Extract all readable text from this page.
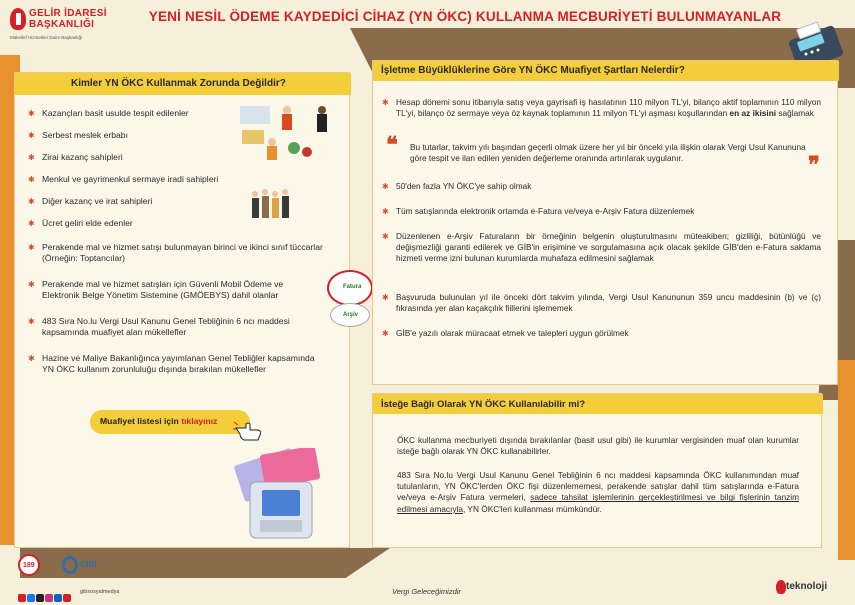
GELİR İDARESİ
BAŞKANLIĞI
Mükellef Hizmetleri Daire Başkanlığı
YENİ NESİL ÖDEME KAYDEDİCİ CİHAZ (YN ÖKC) KULLANMA MECBURİYETİ BULUNMAYANLAR
Kimler YN ÖKC Kullanmak Zorunda Değildir?
✱ Kazançları basit usulde tespit edilenler
✱ Serbest meslek erbabı
✱ Zirai kazanç sahipleri
✱ Menkul ve gayrimenkul sermaye iradi sahipleri
✱ Diğer kazanç ve irat sahipleri
✱ Ücret geliri elde edenler
✱ Perakende mal ve hizmet satışı bulunmayan birinci ve ikinci sınıf tüccarlar (Örneğin: Toptancılar)
✱ Perakende mal ve hizmet satışları için Güvenli Mobil Ödeme ve Elektronik Belge Yönetim Sistemine (GMÖEBYS) dahil olanlar
✱ 483 Sıra No.lu Vergi Usul Kanunu Genel Tebliğinin 6 ncı maddesi kapsamında muafiyet alan mükellefler
✱ Hazine ve Maliye Bakanlığınca yayımlanan Genel Tebliğler kapsamında YN ÖKC kullanım zorunluluğu dışında bırakılan mükellefler
Fatura
Arşiv
Muafiyet listesi için tıklayınız
İşletme Büyüklüklerine Göre YN ÖKC Muafiyet Şartları Nelerdir?
✱ Hesap dönemi sonu itibarıyla satış veya gayrisafi iş hasılatının 110 milyon TL'yi, bilanço aktif toplamının 110 milyon TL'yi, bilanço öz sermaye veya öz kaynak toplamının 11 milyon TL'yi aşması koşullarından en az ikisini sağlamak
❝ Bu tutarlar, takvim yılı başından geçerli olmak üzere her yıl bir önceki yıla ilişkin olarak Vergi Usul Kanununa göre tespit ve ilan edilen yeniden değerleme oranında artırılarak uygulanır.	❞
✱ 50'den fazla YN ÖKC'ye sahip olmak
✱ Tüm satışlarında elektronik ortamda e-Fatura ve/veya e-Arşiv Fatura düzenlemek
✱ Düzenlenen e-Arşiv Faturaların bir örneğinin belgenin oluşturulmasını müteakiben; gizliliği, bütünlüğü ve değişmezliği garanti edilerek ve GİB'in erişimine ve sorgulamasına açık olacak şekilde GİB'den e-Fatura saklama hizmeti verme izni bulunan kurumlarda muhafaza edilmesini sağlamak
✱ Başvuruda bulunulan yıl ile önceki dört takvim yılında, Vergi Usul Kanununun 359 uncu maddesinin (b) ve (ç) fıkrasında yer alan kaçakçılık fiillerini işlememek
✱ GİB'e yazılı olarak müracaat etmek ve talepleri uygun görülmek
İsteğe Bağlı Olarak YN ÖKC Kullanılabilir mi?
ÖKC kullanma mecburiyeti dışında bırakılanlar (basit usul gibi) ile kurumlar vergisinden muaf olan kurumlar isteğe bağlı olarak YN ÖKC kullanabilirler.
483 Sıra No.lu Vergi Usul Kanunu Genel Tebliğinin 6 ncı maddesi kapsamında ÖKC kullanımından muaf tutulanların, YN ÖKC'lerden ÖKC fişi düzenlememesi, perakende satışlar dahil tüm satışlarında e-Fatura ve/veya e-Arşiv Fatura vermeleri, sadece tahsilat işlemlerinin gerçekleştirilmesi ve bilgi fişlerinin tanzim edilmesi amacıyla, YN ÖKC'leri kullanması mümkündür.
189	GİBİ
gibsosyalmedya	Vergi Geleceğimizdir	teknoloji
